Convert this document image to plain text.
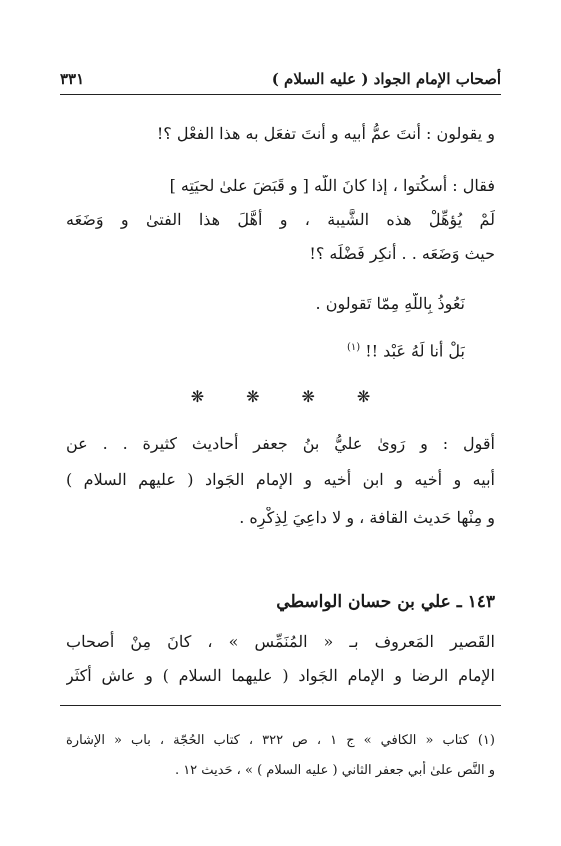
أصحاب الإمام الجواد ( عليه السلام )
٣٣١
و يقولون : أنتَ عمُّ أبيه و أنتَ تفعَل به هذا الفعْل ؟!
فقال : أسكُتوا ، إذا كانَ اللّه [ و قَبَضَ علىٰ لحيَتِه ]
لَمْ يُؤهِّلْ هذه الشَّيبة ، و أهَّلَ هذا الفتىٰ و وَضَعَه
حيث وَضَعَه . . أُنكِر فَضْلَه ؟!
نَعُوذُ بِاللّهِ مِمّا تَقولون .
بَلْ أنا لَهُ عَبْد !! $^{(١)}$
❋	❋	❋	❋
أقول : و رَوىٰ عليُّ بنُ جعفر أحاديث كثيرة . . عن
أبيه و أخيه و ابن أخيه و الإمام الجَواد ( عليهم السلام )
و مِنْها حَديث القافة ، و لا داعِيَ لِذِكْرِه .
١٤٣ ـ علي بن حسان الواسطي
القَصير المَعروف بـ « المُنَمِّس » ، كانَ مِنْ أصحاب
الإمام الرضا و الإمام الجَواد ( عليهما السلام ) و عاش أكثَر
(١) كتاب « الكافي » ج ١ ، ص ٣٢٢ ، كتاب الحُجّة ، باب « الإشارة
و النَّص علىٰ أبي جعفر الثاني ( عليه السلام ) » ، حَديث ١٢ .
